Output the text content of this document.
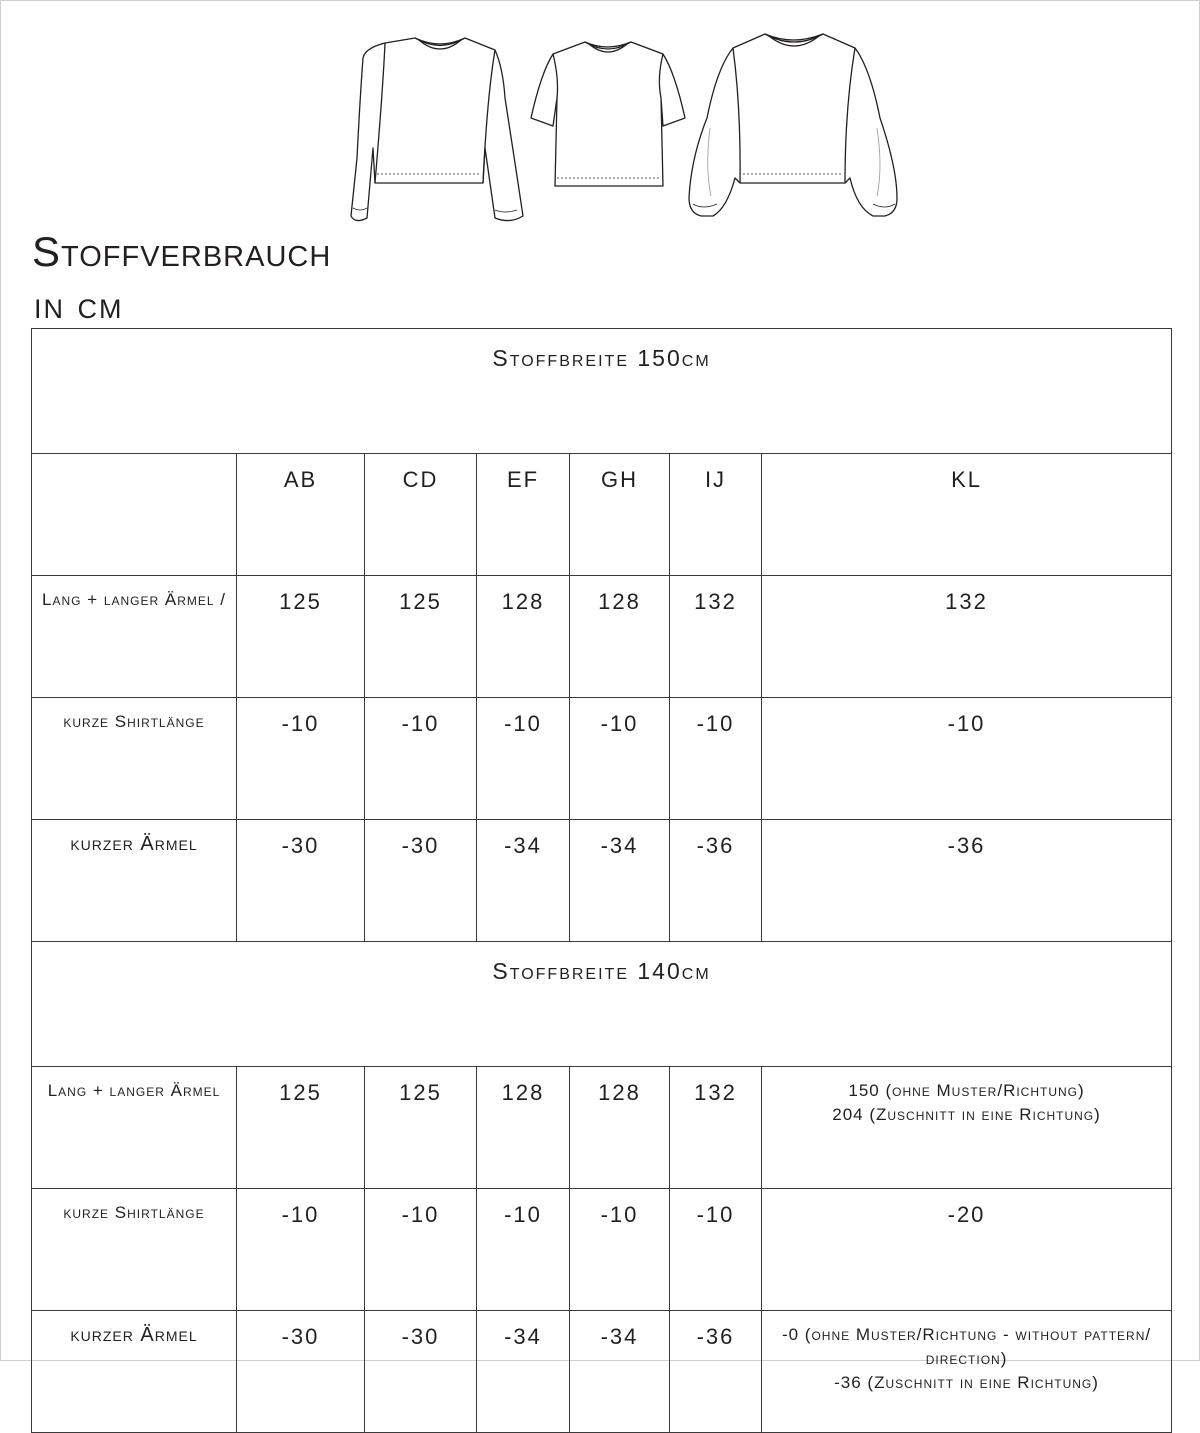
Stoffverbrauch
in cm
Stoffbreite 150cm						
	AB	CD	EF	GH	IJ	KL
Lang + langer Ärmel /	125	125	128	128	132	132
kurze Shirtlänge	-10	-10	-10	-10	-10	-10
kurzer Ärmel	-30	-30	-34	-34	-36	-36
Stoffbreite 140cm						
Lang + langer Ärmel	125	125	128	128	132	150 (ohne Muster/Richtung)
204 (Zuschnitt in eine Richtung)

kurze Shirtlänge	-10	-10	-10	-10	-10	-20
kurzer Ärmel	-30	-30	-34	-34	-36	-0 (ohne Muster/Richtung - without pattern/ direction)
-36 (Zuschnitt in eine Richtung)
